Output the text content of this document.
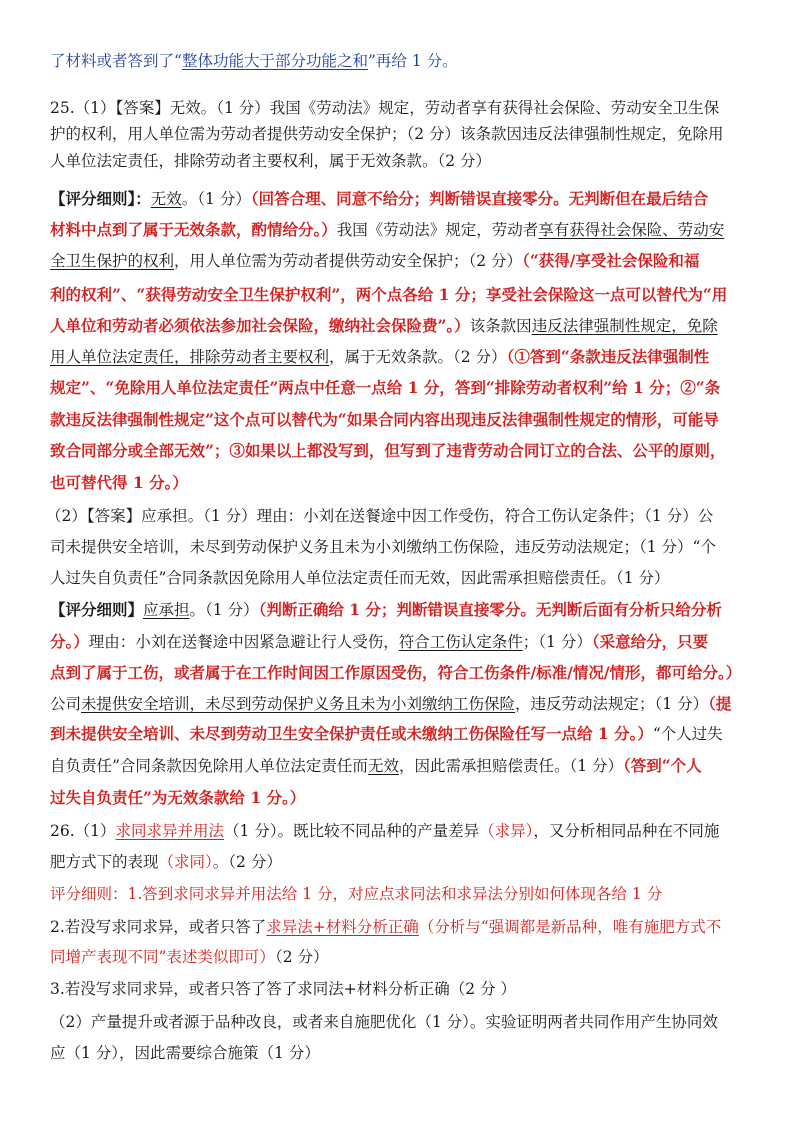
了材料或者答到了“整体功能大于部分功能之和”再给 1 分。
25.（1）【答案】无效。（1 分）我国《劳动法》规定，劳动者享有获得社会保险、劳动安全卫生保
护的权利，用人单位需为劳动者提供劳动安全保护；（2 分）该条款因违反法律强制性规定，免除用
人单位法定责任，排除劳动者主要权利，属于无效条款。（2 分）
【评分细则】：无效。（1 分）（回答合理、同意不给分；判断错误直接零分。无判断但在最后结合
材料中点到了属于无效条款，酌情给分。）我国《劳动法》规定，劳动者享有获得社会保险、劳动安
全卫生保护的权利，用人单位需为劳动者提供劳动安全保护；（2 分）（“获得/享受社会保险和福
利的权利”、“获得劳动安全卫生保护权利”，两个点各给 1 分；享受社会保险这一点可以替代为“用
人单位和劳动者必须依法参加社会保险，缴纳社会保险费”。）该条款因违反法律强制性规定，免除
用人单位法定责任，排除劳动者主要权利，属于无效条款。（2 分）（①答到“条款违反法律强制性
规定”、“免除用人单位法定责任”两点中任意一点给 1 分，答到“排除劳动者权利”给 1 分；②“条
款违反法律强制性规定”这个点可以替代为“如果合同内容出现违反法律强制性规定的情形，可能导
致合同部分或全部无效”；③如果以上都没写到，但写到了违背劳动合同订立的合法、公平的原则，
也可替代得 1 分。）
（2）【答案】应承担。（1 分）理由：小刘在送餐途中因工作受伤，符合工伤认定条件；（1 分）公
司未提供安全培训，未尽到劳动保护义务且未为小刘缴纳工伤保险，违反劳动法规定；（1 分）“个
人过失自负责任”合同条款因免除用人单位法定责任而无效，因此需承担赔偿责任。（1 分）
【评分细则】应承担。（1 分）（判断正确给 1 分；判断错误直接零分。无判断后面有分析只给分析
分。）理由：小刘在送餐途中因紧急避让行人受伤，符合工伤认定条件；（1 分）（采意给分，只要
点到了属于工伤，或者属于在工作时间因工作原因受伤，符合工伤条件/标准/情况/情形，都可给分。）
公司未提供安全培训，未尽到劳动保护义务且未为小刘缴纳工伤保险，违反劳动法规定；（1 分）（提
到未提供安全培训、未尽到劳动卫生安全保护责任或未缴纳工伤保险任写一点给 1 分。）“个人过失
自负责任”合同条款因免除用人单位法定责任而无效，因此需承担赔偿责任。（1 分）（答到“个人
过失自负责任”为无效条款给 1 分。）
26.（1）求同求异并用法（1 分）。既比较不同品种的产量差异（求异），又分析相同品种在不同施
肥方式下的表现（求同）。（2 分）
评分细则：1.答到求同求异并用法给 1 分，对应点求同法和求异法分别如何体现各给 1 分
2.若没写求同求异，或者只答了求异法+材料分析正确（分析与“强调都是新品种，唯有施肥方式不
同增产表现不同”表述类似即可）（2 分）
3.若没写求同求异，或者只答了答了求同法+材料分析正确（2 分 ）
（2）产量提升或者源于品种改良，或者来自施肥优化（1 分）。实验证明两者共同作用产生协同效
应（1 分），因此需要综合施策（1 分）
